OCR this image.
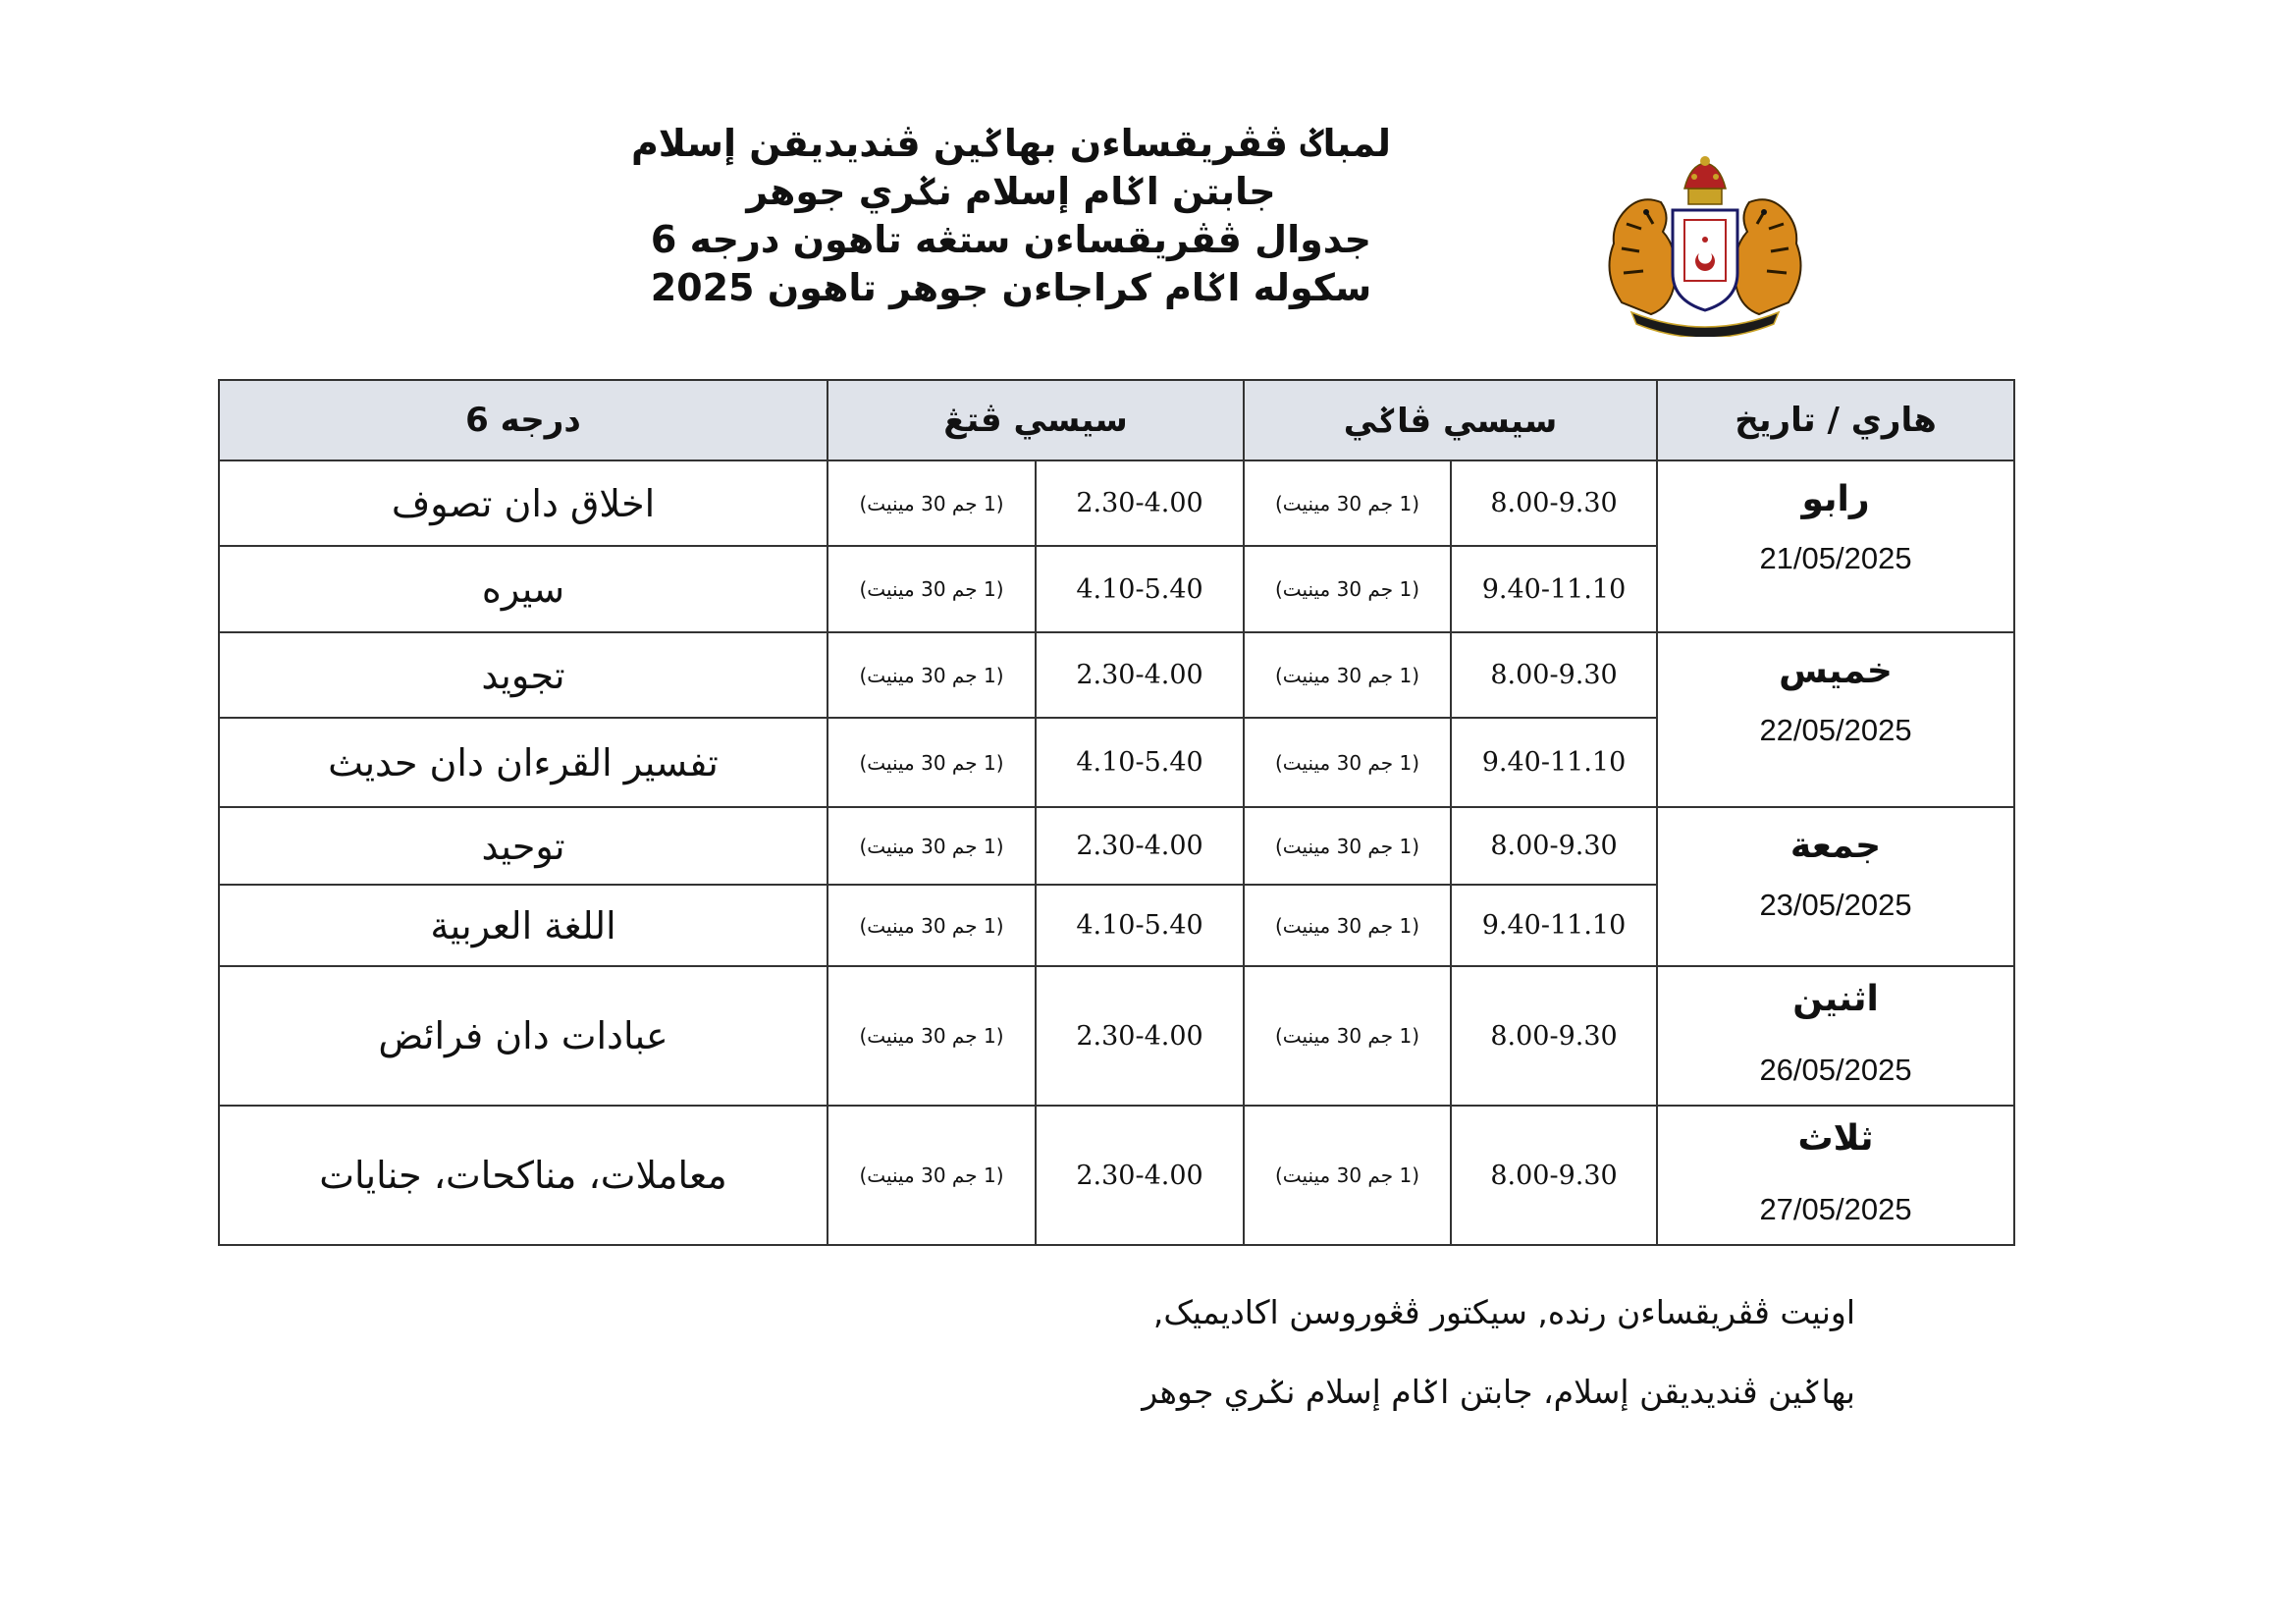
لمباݢ ڤڤريقساءن بهاݢين ڤنديديقن إسلام
جابتن اݢام إسلام نݢري جوهر
جدوال ڤڤريقساءن ستڠه تاهون درجه 6
سكوله اݢام كراجاءن جوهر تاهون 2025
هاري / تاريخ	سيسي ڤاݢي		سيسي ڤتڠ		درجه 6

رابو
21/05/2025	8.00-9.30	(1 جم 30 مينيت)	2.30-4.00	(1 جم 30 مينيت)	اخلاق دان تصوف
	9.40-11.10	(1 جم 30 مينيت)	4.10-5.40	(1 جم 30 مينيت)	سيره

خميس
22/05/2025	8.00-9.30	(1 جم 30 مينيت)	2.30-4.00	(1 جم 30 مينيت)	تجويد
	9.40-11.10	(1 جم 30 مينيت)	4.10-5.40	(1 جم 30 مينيت)	تفسير القرءان دان حديث

جمعة
23/05/2025	8.00-9.30	(1 جم 30 مينيت)	2.30-4.00	(1 جم 30 مينيت)	توحيد
	9.40-11.10	(1 جم 30 مينيت)	4.10-5.40	(1 جم 30 مينيت)	اللغة العربية

اثنين
26/05/2025	8.00-9.30	(1 جم 30 مينيت)	2.30-4.00	(1 جم 30 مينيت)	عبادات دان فرائض

ثلاث
27/05/2025	8.00-9.30	(1 جم 30 مينيت)	2.30-4.00	(1 جم 30 مينيت)	معاملات، مناكحات، جنايات
اونيت ڤڤريقساءن رنده, سيكتور ڤڠوروسن اكاديميک,
بهاݢين ڤنديديقن إسلام، جابتن اݢام إسلام نݢري جوهر
